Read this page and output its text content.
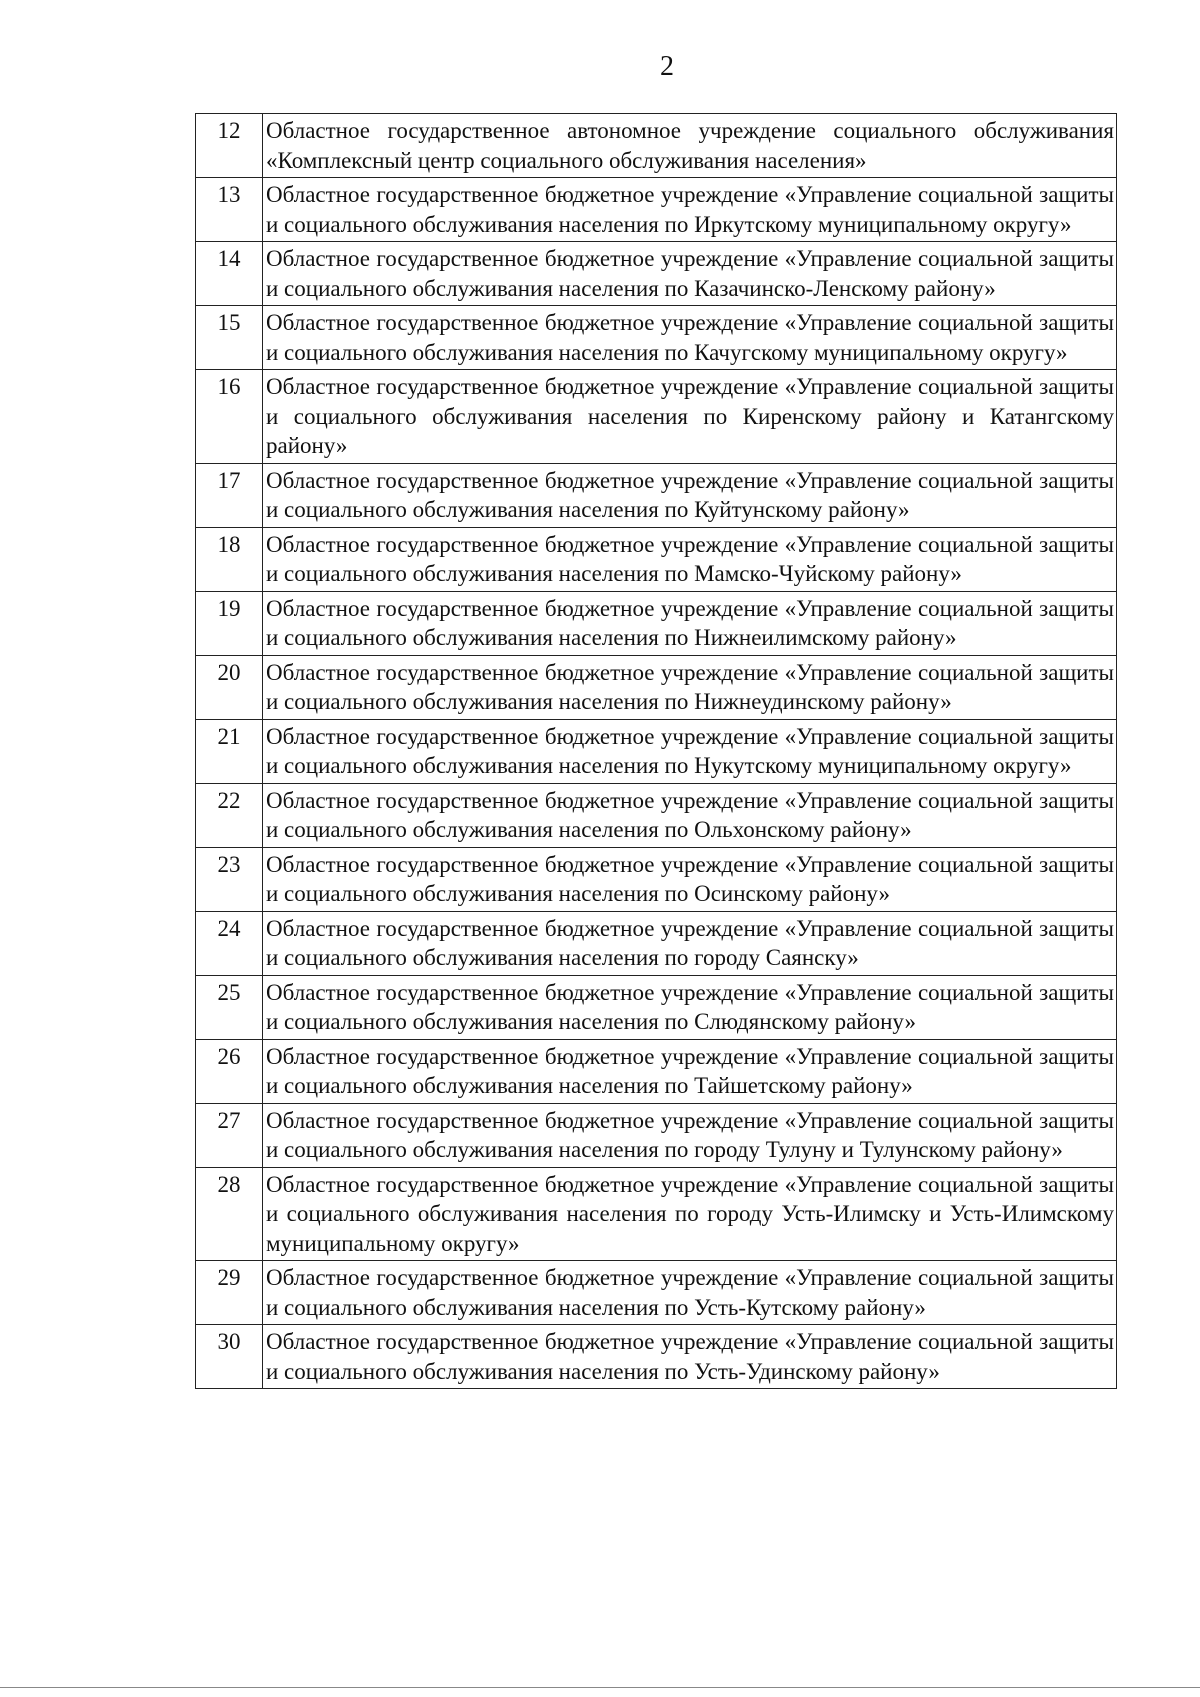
2
12	Областное государственное автономное учреждение социального обслуживания «Комплексный центр социального обслуживания населения»
13	Областное государственное бюджетное учреждение «Управление социальной защиты и социального обслуживания населения по Иркутскому муниципальному округу»
14	Областное государственное бюджетное учреждение «Управление социальной защиты и социального обслуживания населения по Казачинско-Ленскому району»
15	Областное государственное бюджетное учреждение «Управление социальной защиты и социального обслуживания населения по Качугскому муниципальному округу»
16	Областное государственное бюджетное учреждение «Управление социальной защиты и социального обслуживания населения по Киренскому району и Катангскому району»
17	Областное государственное бюджетное учреждение «Управление социальной защиты и социального обслуживания населения по Куйтунскому району»
18	Областное государственное бюджетное учреждение «Управление социальной защиты и социального обслуживания населения по Мамско-Чуйскому району»
19	Областное государственное бюджетное учреждение «Управление социальной защиты и социального обслуживания населения по Нижнеилимскому району»
20	Областное государственное бюджетное учреждение «Управление социальной защиты и социального обслуживания населения по Нижнеудинскому району»
21	Областное государственное бюджетное учреждение «Управление социальной защиты и социального обслуживания населения по Нукутскому муниципальному округу»
22	Областное государственное бюджетное учреждение «Управление социальной защиты и социального обслуживания населения по Ольхонскому району»
23	Областное государственное бюджетное учреждение «Управление социальной защиты и социального обслуживания населения по Осинскому району»
24	Областное государственное бюджетное учреждение «Управление социальной защиты и социального обслуживания населения по городу Саянску»
25	Областное государственное бюджетное учреждение «Управление социальной защиты и социального обслуживания населения по Слюдянскому району»
26	Областное государственное бюджетное учреждение «Управление социальной защиты и социального обслуживания населения по Тайшетскому району»
27	Областное государственное бюджетное учреждение «Управление социальной защиты и социального обслуживания населения по городу Тулуну и Тулунскому району»
28	Областное государственное бюджетное учреждение «Управление социальной защиты и социального обслуживания населения по городу Усть-Илимску и Усть-Илимскому муниципальному округу»
29	Областное государственное бюджетное учреждение «Управление социальной защиты и социального обслуживания населения по Усть-Кутскому району»
30	Областное государственное бюджетное учреждение «Управление социальной защиты и социального обслуживания населения по Усть-Удинскому району»
